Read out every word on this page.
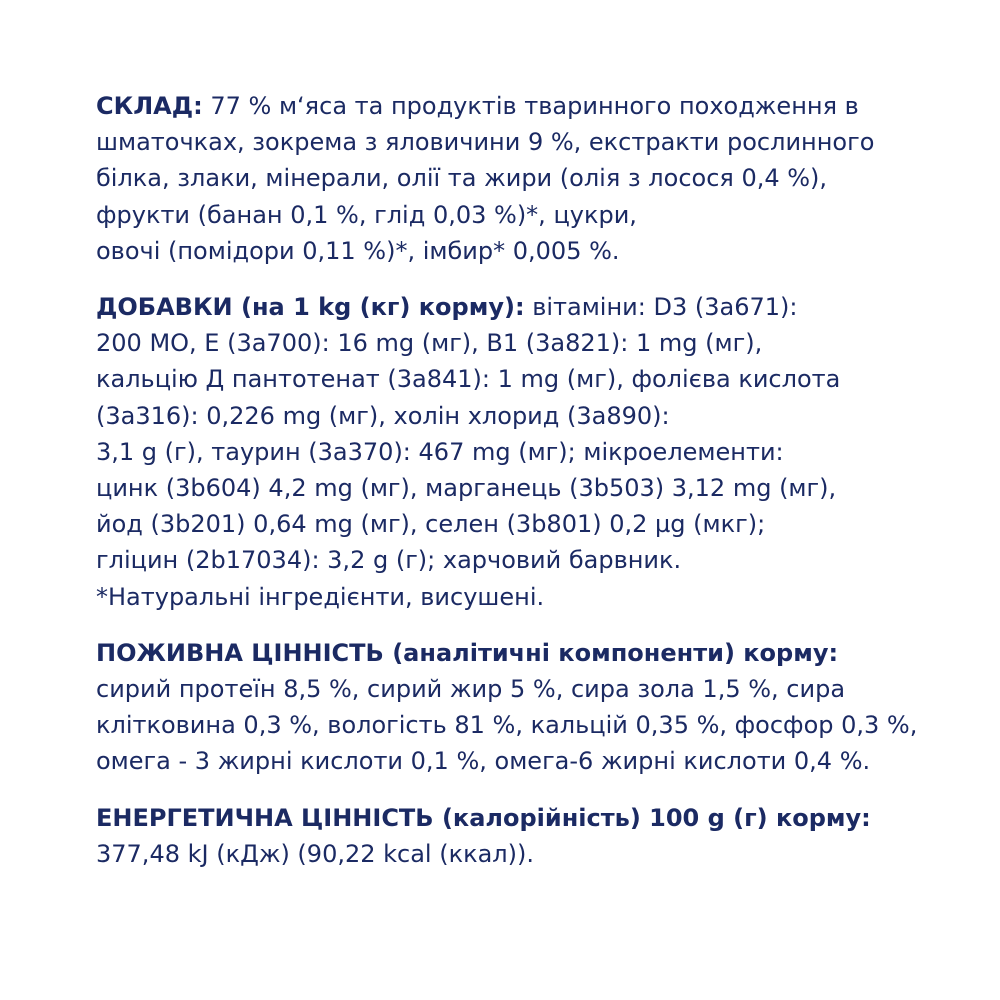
СКЛАД: 77 % м‘яса та продуктів тваринного походження в
шматочках, зокрема з яловичини 9 %, екстракти рослинного
білка, злаки, мінерали, олії та жири (олія з лосося 0,4 %),
фрукти (банан 0,1 %, глід 0,03 %)*, цукри,
овочі (помідори 0,11 %)*, імбир* 0,005 %.
ДОБАВКИ (на 1 kg (кг) корму): вітаміни: D3 (3a671):
200 МО, Е (3a700): 16 mg (мг), B1 (3a821): 1 mg (мг),
кальцію Д пантотенат (3a841): 1 mg (мг), фолієва кислота
(3a316): 0,226 mg (мг), холін хлорид (3a890):
3,1 g (г), таурин (3a370): 467 mg (мг); мікроелементи:
цинк (3b604) 4,2 mg (мг), марганець (3b503) 3,12 mg (мг),
йод (3b201) 0,64 mg (мг), селен (3b801) 0,2 µg (мкг);
гліцин (2b17034): 3,2 g (г); харчовий барвник.
*Натуральні інгредієнти, висушені.
ПОЖИВНА ЦІННІСТЬ (аналітичні компоненти) корму:
сирий протеїн 8,5 %, сирий жир 5 %, сира зола 1,5 %, сира
клітковина 0,3 %, вологість 81 %, кальцій 0,35 %, фосфор 0,3 %,
омега - 3 жирні кислоти 0,1 %, омега-6 жирні кислоти 0,4 %.
ЕНЕРГЕТИЧНА ЦІННІСТЬ (калорійність) 100 g (г) корму:
377,48 kJ (кДж) (90,22 kcal (ккал)).
